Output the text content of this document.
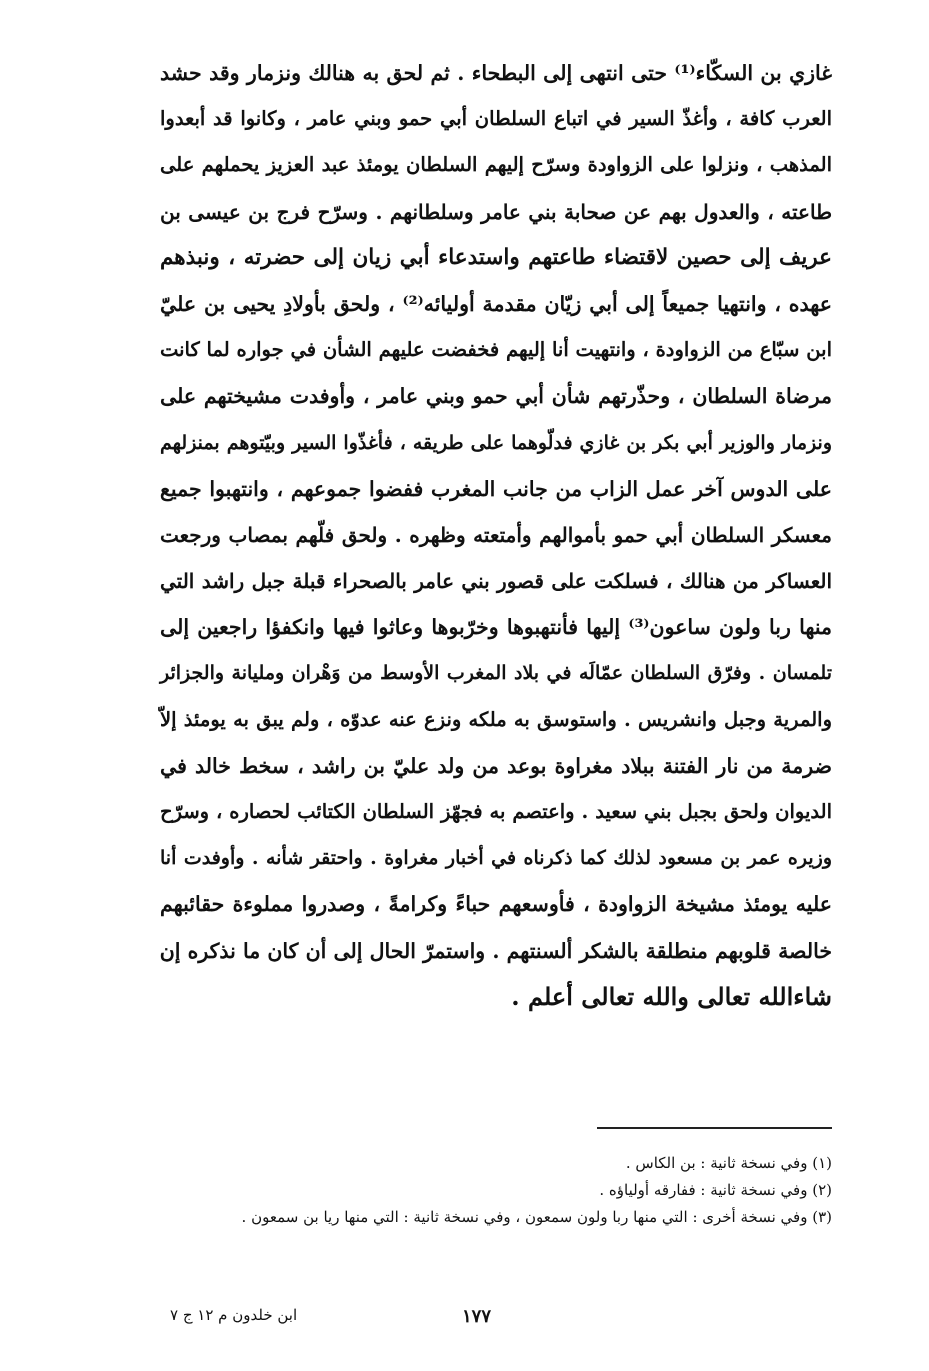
غازي بن السكّاء⁽¹⁾ حتى انتهى إلى البطحاء . ثم لحق به هنالك ونزمار وقد حشد
العرب كافة ، وأغذّ السير في اتباع السلطان أبي حمو وبني عامر ، وكانوا قد أبعدوا
المذهب ، ونزلوا على الزواودة وسرّح إليهم السلطان يومئذ عبد العزيز يحملهم على
طاعته ، والعدول بهم عن صحابة بني عامر وسلطانهم . وسرّح فرج بن عيسى بن
عريف إلى حصين لاقتضاء طاعتهم واستدعاء أبي زيان إلى حضرته ، ونبذهم
عهده ، وانتهيا جميعاً إلى أبي زيّان مقدمة أوليائه⁽²⁾ ، ولحق بأولادِ يحيى بن عليّ
ابن سبّاع من الزواودة ، وانتهيت أنا إليهم فخفضت عليهم الشأن في جواره لما كانت
مرضاة السلطان ، وحذّرتهم شأن أبي حمو وبني عامر ، وأوفدت مشيختهم على
ونزمار والوزير أبي بكر بن غازي فدلّوهما على طريقه ، فأغذّوا السير وبيّتوهم بمنزلهم
على الدوس آخر عمل الزاب من جانب المغرب ففضوا جموعهم ، وانتهبوا جميع
معسكر السلطان أبي حمو بأموالهم وأمتعته وظهره . ولحق فلّهم بمصاب ورجعت
العساكر من هنالك ، فسلكت على قصور بني عامر بالصحراء قبلة جبل راشد التي
منها ربا ولون ساعون⁽³⁾ إليها فأنتهبوها وخرّبوها وعاثوا فيها وانكفؤا راجعين إلى
تلمسان . وفرّق السلطان عمّالَه في بلاد المغرب الأوسط من وَهْران ومليانة والجزائر
والمرية وجبل وانشريس . واستوسق به ملكه ونزع عنه عدوّه ، ولم يبق به يومئذ إلاّ
ضرمة من نار الفتنة ببلاد مغراوة بوعد من ولد عليّ بن راشد ، سخط خالد في
الديوان ولحق بجبل بني سعيد . واعتصم به فجهّز السلطان الكتائب لحصاره ، وسرّح
وزيره عمر بن مسعود لذلك كما ذكرناه في أخبار مغراوة . واحتقر شأنه . وأوفدت أنا
عليه يومئذ مشيخة الزواودة ، فأوسعهم حباءً وكرامةً ، وصدروا مملوءة حقائبهم
خالصة قلوبهم منطلقة بالشكر ألسنتهم . واستمرّ الحال إلى أن كان ما نذكره إن
شاءالله تعالى والله تعالى أعلم .
(١) وفي نسخة ثانية : بن الكاس .
(٢) وفي نسخة ثانية : ففارقه أولياؤه .
(٣) وفي نسخة أخرى : التي منها ربا ولون سمعون ، وفي نسخة ثانية : التي منها ريا بن سمعون .
١٧٧
ابن خلدون م ١٢ ج ٧
